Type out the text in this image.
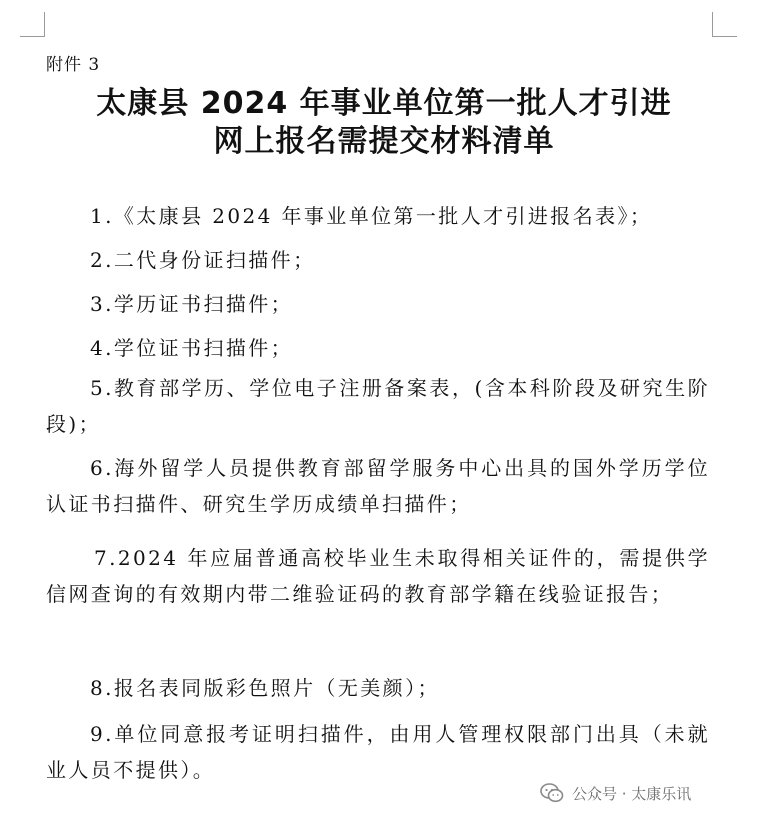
附件 3
太康县 2024 年事业单位第一批人才引进
网上报名需提交材料清单
1.《太康县 2024 年事业单位第一批人才引进报名表》；
2.二代身份证扫描件；
3.学历证书扫描件；
4.学位证书扫描件；
5.教育部学历、学位电子注册备案表，(含本科阶段及研究生阶段)；
6.海外留学人员提供教育部留学服务中心出具的国外学历学位认证书扫描件、研究生学历成绩单扫描件；
7.2024 年应届普通高校毕业生未取得相关证件的，需提供学信网查询的有效期内带二维验证码的教育部学籍在线验证报告；
8.报名表同版彩色照片（无美颜）；
9.单位同意报考证明扫描件，由用人管理权限部门出具（未就业人员不提供）。
公众号 · 太康乐讯
